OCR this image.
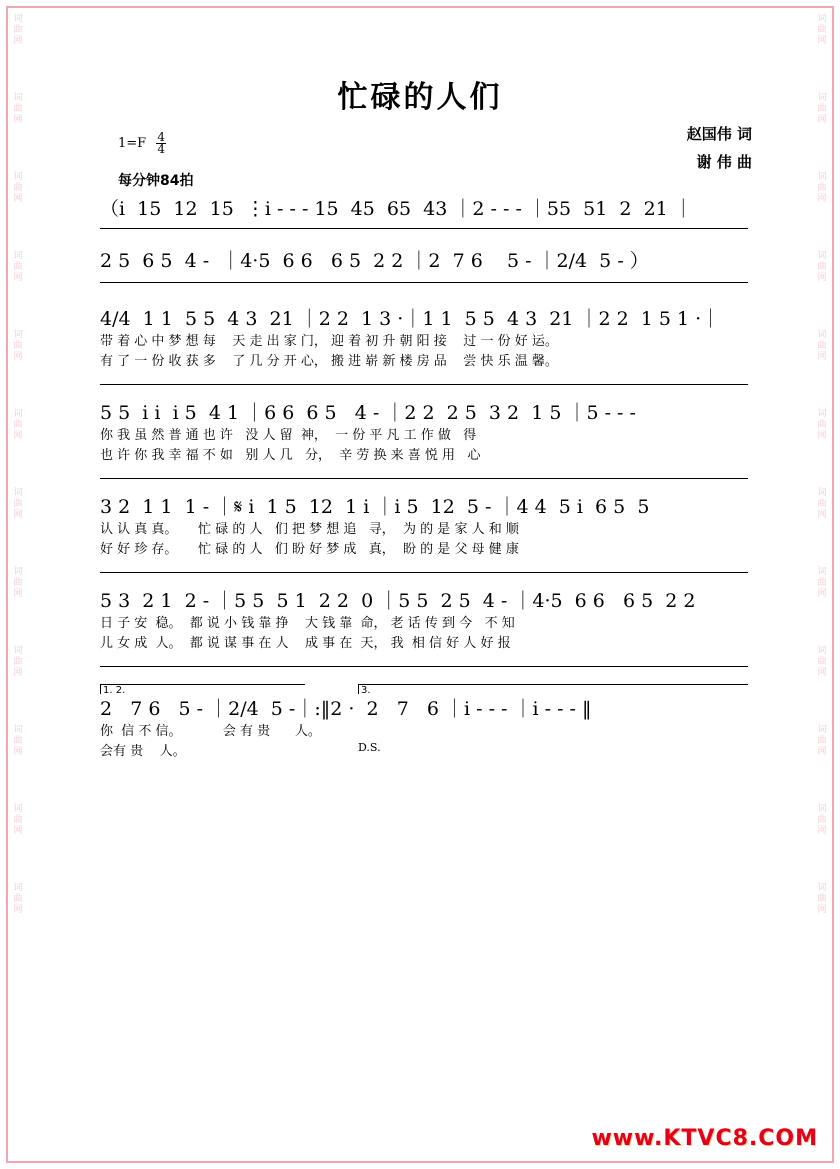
词
曲
网
词
曲
网
词
曲
网
词
曲
网
词
曲
网
词
曲
网
词
曲
网
词
曲
网
词
曲
网
词
曲
网
词
曲
网
词
曲
网
词
曲
网
词
曲
网
词
曲
网
词
曲
网
词
曲
网
词
曲
网
词
曲
网
词
曲
网
词
曲
网
词
曲
网
词
曲
网
词
曲
网
忙碌的人们
赵国伟 词
谢 伟 曲
$1=F \frac{4}{4}$
每分钟84拍
（i  15  12  15  ⋮i - - - 15  45  65  43 ｜2 - - - ｜55  51  2  21 ｜
2 5  6 5  4 -  ｜4·5  6 6   6 5  2 2 ｜2  7 6    5 - ｜2/4  5 - ）
4/4  1 1  5 5  4 3  21 ｜2 2  1 3 ·｜1 1  5 5  4 3  21 ｜2 2  1 5 1 ·｜
带 着 心 中 梦 想 每    天 走 出 家 门， 迎 着 初 升 朝 阳 接    过 一 份 好 运。
有 了 一 份 收 获 多    了 几 分 开 心， 搬 进 崭 新 楼 房 品    尝 快 乐 温 馨。
5 5  i i  i 5  4 1 ｜6 6  6 5   4 - ｜2 2  2 5  3 2  1 5 ｜5 - - -
你 我 虽 然 普 通 也 许   没 人 留  神，  一 份 平 凡 工 作 做   得
也 许 你 我 幸 福 不 如   别 人 几   分，  辛 劳 换 来 喜 悦 用   心
3 2  1 1  1 - ｜𝄋 i  1 5  12  1 i ｜i 5  12  5 - ｜4 4  5 i  6 5  5
认 认 真 真。     忙 碌 的 人   们 把 梦 想 追   寻，  为 的 是 家 人 和 顺
好 好 珍 存。     忙 碌 的 人   们 盼 好 梦 成   真，  盼 的 是 父 母 健 康
5 3  2 1  2 - ｜5 5  5 1  2 2  0 ｜5 5  2 5  4 - ｜4·5  6 6   6 5  2 2
日 子 安  稳。  都 说 小 钱 靠 挣    大 钱 靠  命， 老 话 传 到 今   不 知
儿 女 成  人。  都 说 谋 事 在 人    成 事 在  天， 我  相 信 好 人 好 报
1. 2.	3.
2   7 6   5 - ｜2/4  5 -｜:‖2 ·  2   7   6 ｜i - - - ｜i - - - ‖
D.S.
你  信 不 信。          会 有 贵      人。
会有 贵    人。
www.KTVC8.COM
